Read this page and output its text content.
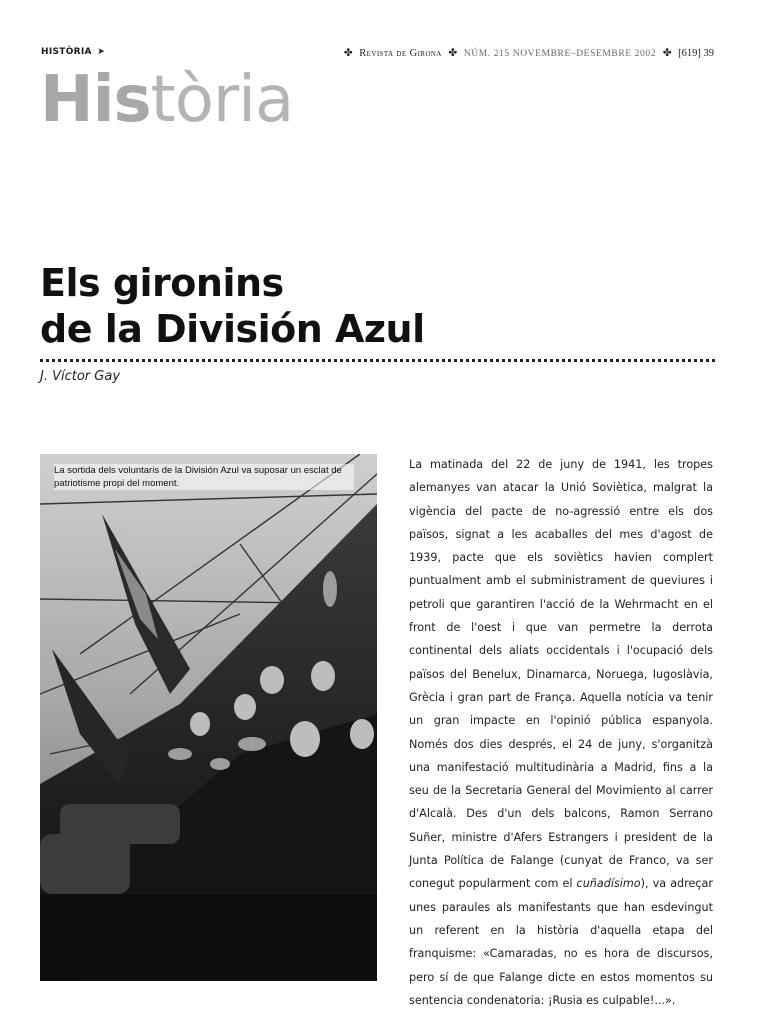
HISTÒRIA ➤	✤ Revista de Girona ✤ NÚM. 215 NOVEMBRE–DESEMBRE 2002 ✤ [619] 39
Història
Els gironins
de la División Azul
J. Víctor Gay
La sortida dels voluntaris de la División Azul va suposar un esclat de patriotisme propi del moment.

La matinada del 22 de juny de 1941, les tropes alemanyes van atacar la Unió Soviètica, malgrat la vigència del pacte de no-agressió entre els dos països, signat a les acaballes del mes d'agost de 1939, pacte que els soviètics havien complert puntualment amb el subministrament de queviures i petroli que garantiren l'acció de la Wehrmacht en el front de l'oest i que van permetre la derrota continental dels aliats occidentals i l'ocupació dels països del Benelux, Dinamarca, Noruega, Iugoslàvia, Grècia i gran part de França. Aquella notícia va tenir un gran impacte en l'opinió pública espanyola. Només dos dies després, el 24 de juny, s'organitzà una manifestació multitudinària a Madrid, fins a la seu de la Secretaria General del Movimiento al carrer d'Alcalà. Des d'un dels balcons, Ramon Serrano Suñer, ministre d'Afers Estrangers i president de la Junta Política de Falange (cunyat de Franco, va ser conegut popularment com el cuñadísimo), va adreçar unes paraules als manifestants que han esdevingut un referent en la història d'aquella etapa del franquisme: «Camaradas, no es hora de discursos, pero sí de que Falange dicte en estos momentos su sentencia condenatoria: ¡Rusia es culpable!...».
